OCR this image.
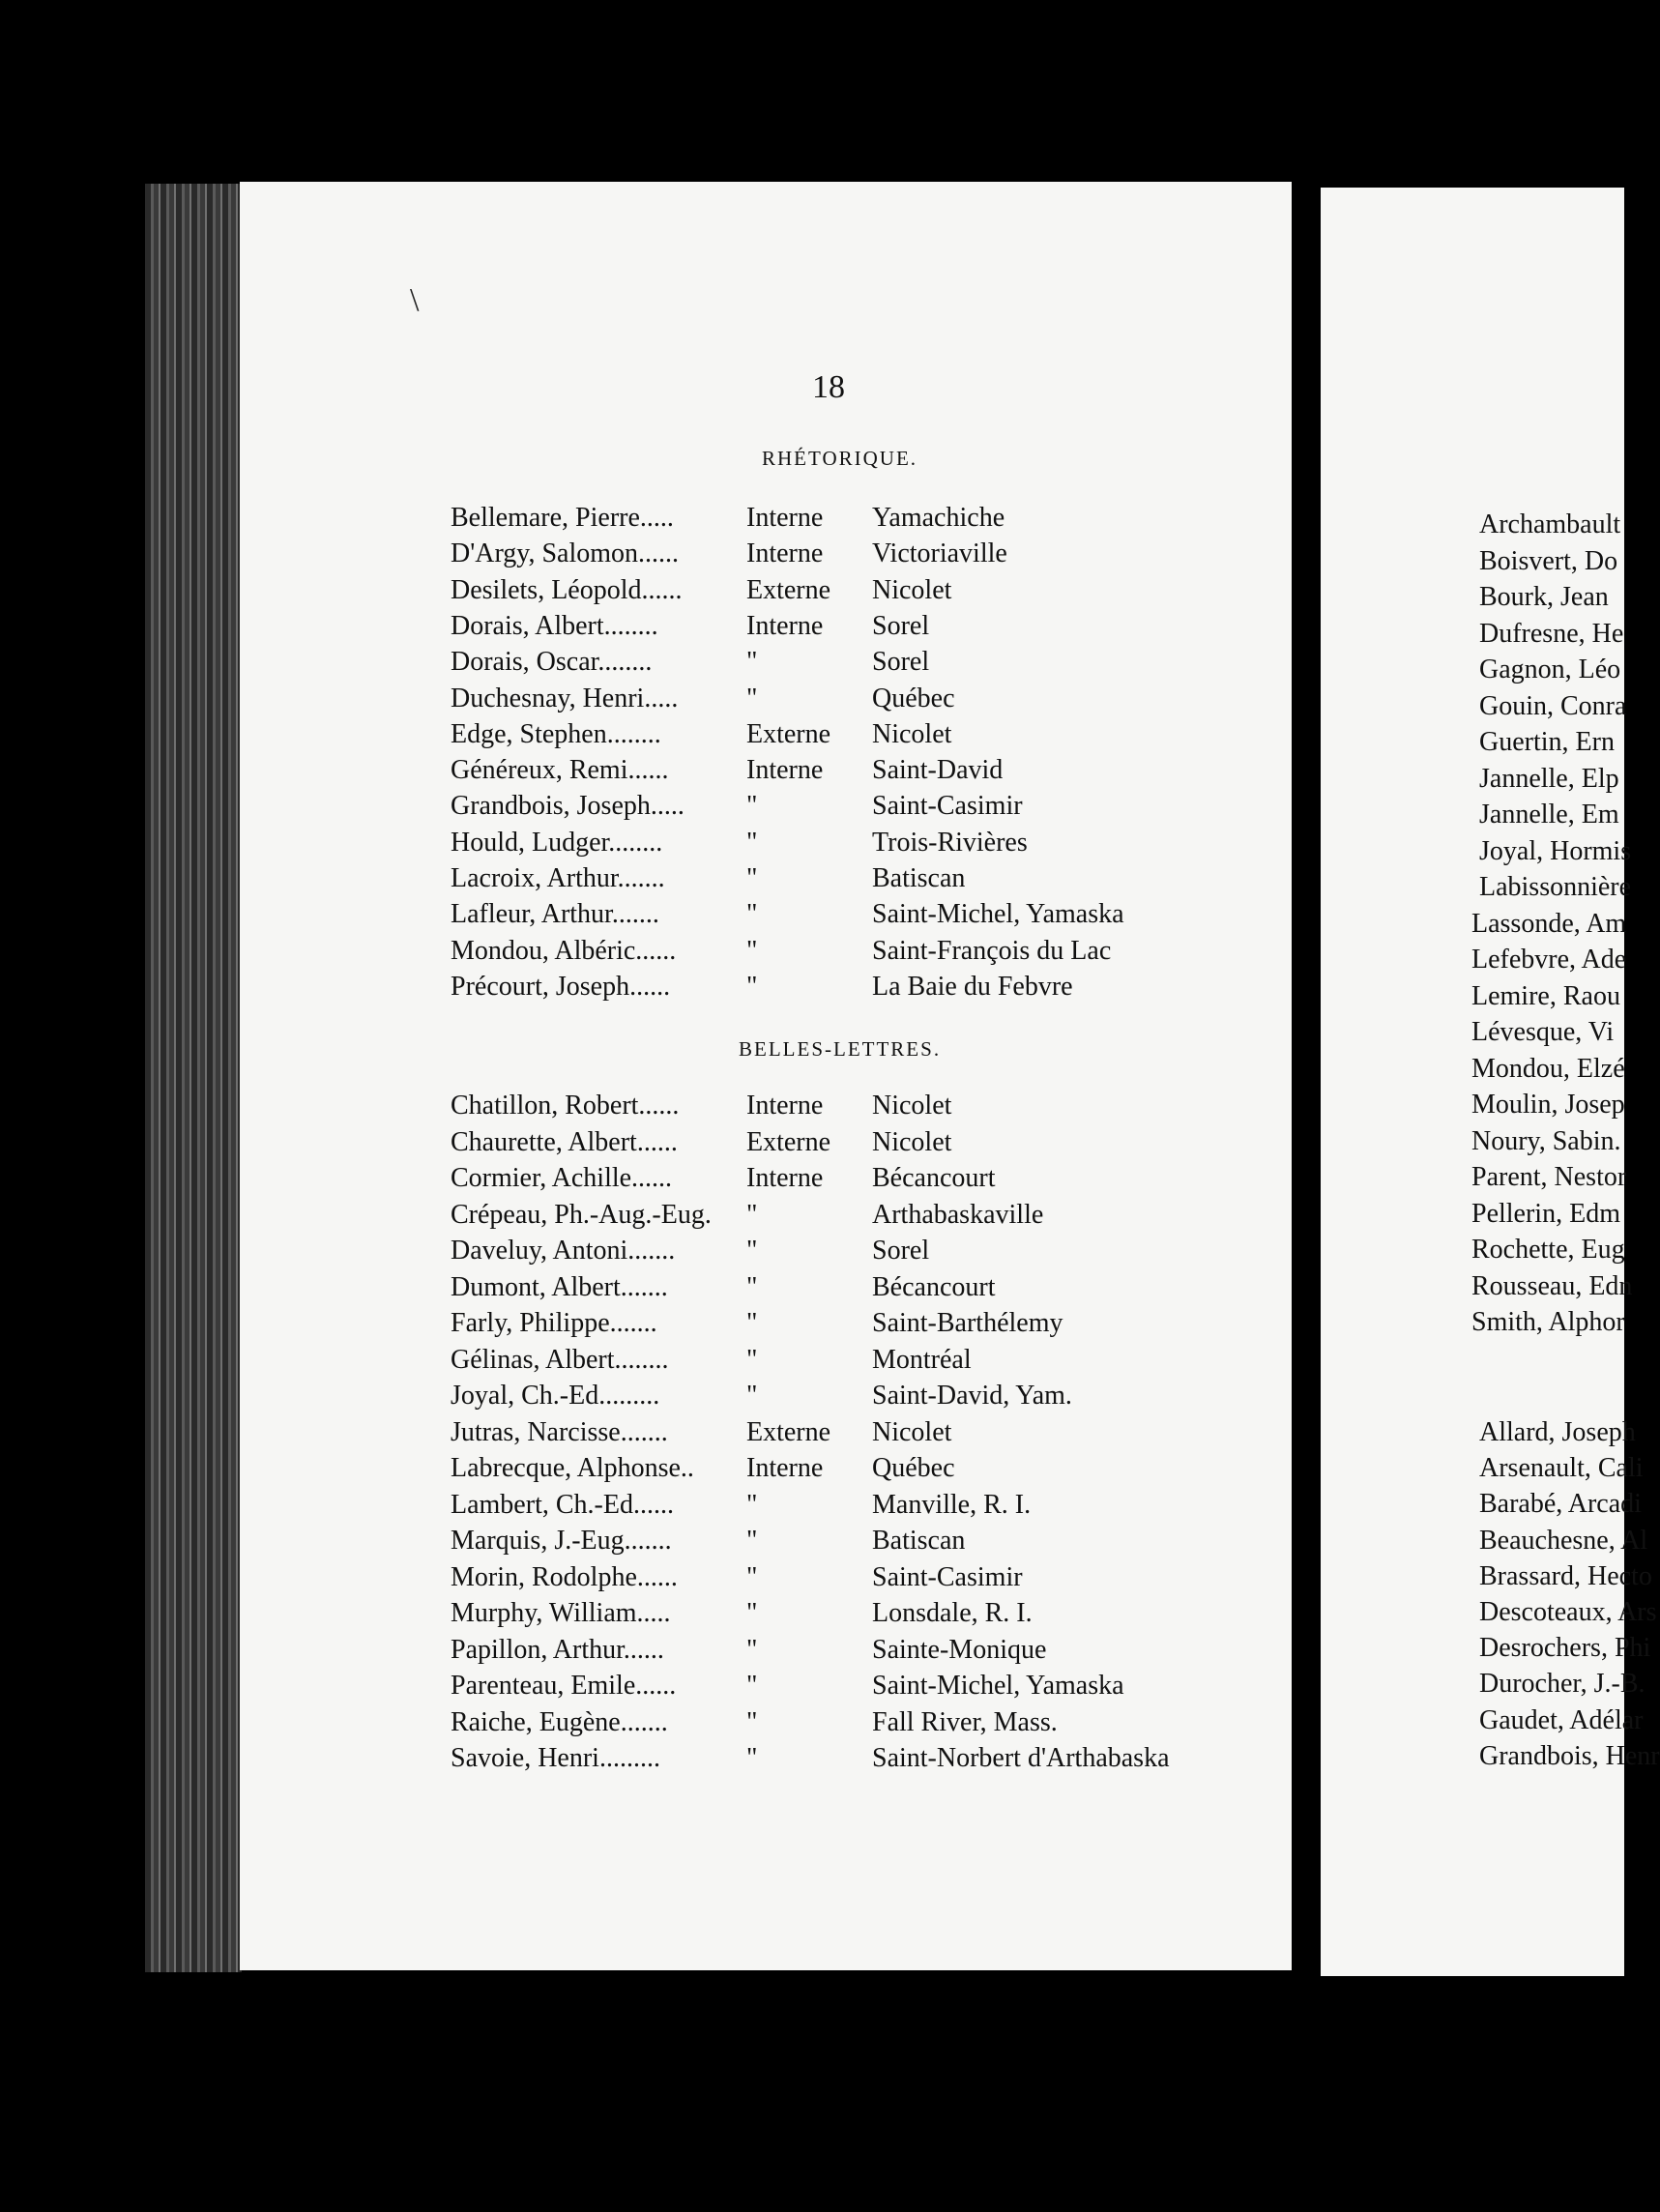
Archambault
Boisvert, Do
Bourk, Jean
Dufresne, He
Gagnon, Léo
Gouin, Conra
Guertin, Ern
Jannelle, Elp
Jannelle, Em
Joyal, Hormis
Labissonnière
Lassonde, Am
Lefebvre, Ade
Lemire, Raou
Lévesque, Vi
Mondou, Elzé
Moulin, Josep
Noury, Sabin.
Parent, Nestor
Pellerin, Edm
Rochette, Eug
Rousseau, Edn
Smith, Alphor
Allard, Joseph
Arsenault, Cali
Barabé, Arcadi
Beauchesne, Al
Brassard, Hecto
Descoteaux, Ars
Desrochers, Phi
Durocher, J.-B.
Gaudet, Adélar
Grandbois, Henr
18
RHÉTORIQUE.
Bellemare, Pierre.....	Interne Yamachiche
D'Argy, Salomon...... Interne Victoriaville
Desilets, Léopold...... Externe Nicolet
Dorais, Albert........	Interne Sorel
Dorais, Oscar........	"	Sorel
Duchesnay, Henri.....	"	Québec
Edge, Stephen........	Externe Nicolet
Généreux, Remi......	Interne Saint-David
Grandbois, Joseph..... "	Saint-Casimir
Hould, Ludger........	"	Trois-Rivières
Lacroix, Arthur.......	"	Batiscan
Lafleur, Arthur.......	"	Saint-Michel, Yamaska
Mondou, Albéric......	"	Saint-François du Lac
Précourt, Joseph......	"	La Baie du Febvre
BELLES-LETTRES.
Chatillon, Robert...... Interne Nicolet
Chaurette, Albert......	Externe Nicolet
Cormier, Achille......	Interne Bécancourt
Crépeau, Ph.-Aug.-Eug. "	Arthabaskaville
Daveluy, Antoni.......	"	Sorel
Dumont, Albert.......	"	Bécancourt
Farly, Philippe.......	"	Saint-Barthélemy
Gélinas, Albert........	"	Montréal
Joyal, Ch.-Ed.........	"	Saint-David, Yam.
Jutras, Narcisse.......	Externe Nicolet
Labrecque, Alphonse.. Interne Québec
Lambert, Ch.-Ed......	"	Manville, R. I.
Marquis, J.-Eug.......	"	Batiscan
Morin, Rodolphe......	"	Saint-Casimir
Murphy, William.....	"	Lonsdale, R. I.
Papillon, Arthur......	"	Sainte-Monique
Parenteau, Emile......	"	Saint-Michel, Yamaska
Raiche, Eugène.......	"	Fall River, Mass.
Savoie, Henri.........	"	Saint-Norbert d'Arthabaska
\
